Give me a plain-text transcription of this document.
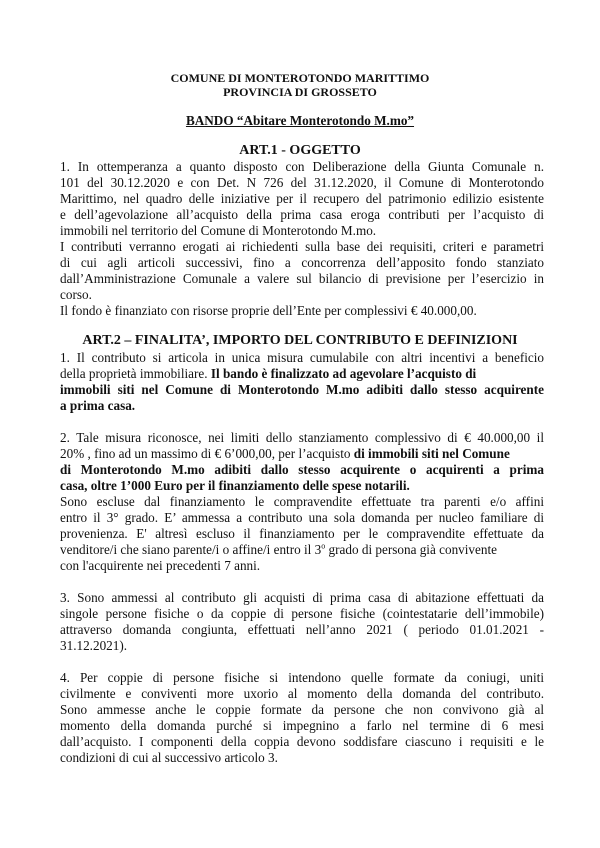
COMUNE DI MONTEROTONDO MARITTIMO
PROVINCIA DI GROSSETO
BANDO “Abitare Monterotondo M.mo”
ART.1 - OGGETTO
1. In ottemperanza a quanto disposto con Deliberazione della Giunta Comunale n.
101 del 30.12.2020 e con Det. N 726 del 31.12.2020, il Comune di Monterotondo
Marittimo, nel quadro delle iniziative per il recupero del patrimonio edilizio esistente
e dell’agevolazione all’acquisto della prima casa eroga contributi per l’acquisto di
immobili nel territorio del Comune di Monterotondo M.mo.
I contributi verranno erogati ai richiedenti sulla base dei requisiti, criteri e parametri
di cui agli articoli successivi, fino a concorrenza dell’apposito fondo stanziato
dall’Amministrazione Comunale a valere sul bilancio di previsione per l’esercizio in
corso.
Il fondo è finanziato con risorse proprie dell’Ente per complessivi € 40.000,00.
ART.2 – FINALITA’, IMPORTO DEL CONTRIBUTO E DEFINIZIONI
1. Il contributo si articola in unica misura cumulabile con altri incentivi a beneficio
della proprietà immobiliare. Il bando è finalizzato ad agevolare l’acquisto di
immobili siti nel Comune di Monterotondo M.mo adibiti dallo stesso acquirente
a prima casa.
2. Tale misura riconosce, nei limiti dello stanziamento complessivo di € 40.000,00 il
20% , fino ad un massimo di € 6’000,00, per l’acquisto di immobili siti nel Comune
di Monterotondo M.mo adibiti dallo stesso acquirente o acquirenti a prima
casa, oltre 1’000 Euro per il finanziamento delle spese notarili.
Sono escluse dal finanziamento le compravendite effettuate tra parenti e/o affini
entro il 3° grado. E’ ammessa a contributo una sola domanda per nucleo familiare di
provenienza. E' altresì escluso il finanziamento per le compravendite effettuate da
venditore/i che siano parente/i o affine/i entro il 3$^o$ grado di persona già convivente
con l'acquirente nei precedenti 7 anni.
3. Sono ammessi al contributo gli acquisti di prima casa di abitazione effettuati da
singole persone fisiche o da coppie di persone fisiche (cointestatarie dell’immobile)
attraverso domanda congiunta, effettuati nell’anno 2021 ( periodo 01.01.2021 -
31.12.2021).
4. Per coppie di persone fisiche si intendono quelle formate da coniugi, uniti
civilmente e conviventi more uxorio al momento della domanda del contributo.
Sono ammesse anche le coppie formate da persone che non convivono già al
momento della domanda purché si impegnino a farlo nel termine di 6 mesi
dall’acquisto. I componenti della coppia devono soddisfare ciascuno i requisiti e le
condizioni di cui al successivo articolo 3.
